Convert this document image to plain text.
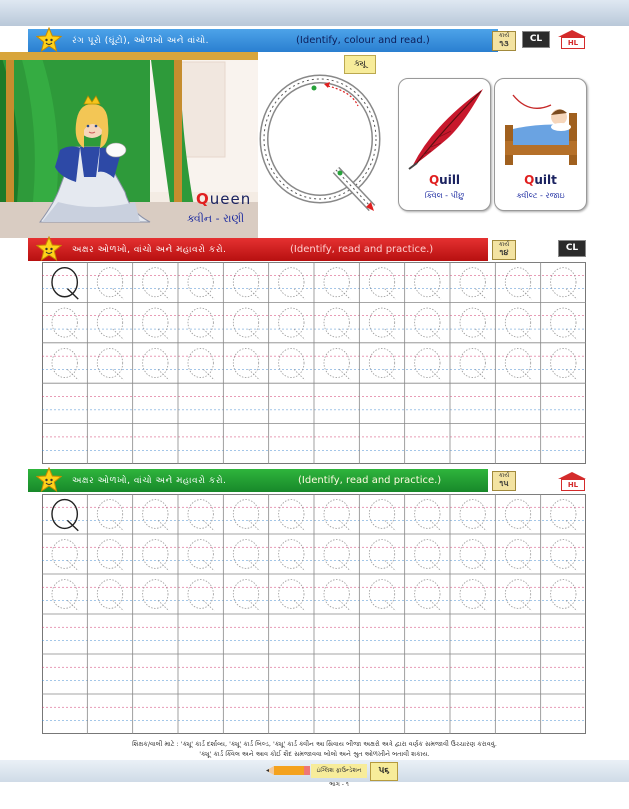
રંગ પૂરો (ઘૂંટો), ઓળખો અને વાંચો.	(Identify, colour and read.)	કાર્ય
૧૩	CL	HL
Queen
ક્વીન - રાણી
ક્યૂ
Quill
ક્વિલ - પીંછુ
Quilt
ક્વીલ્ટ - રજાઇ
અક્ષર ઓળખો, વાંચો અને મહાવરો કરો.	(Identify, read and practice.)	કાર્ય
૧૪	CL
અક્ષર ઓળખો, વાંચો અને મહાવરો કરો.	(Identify, read and practice.)	કાર્ય
૧૫	HL
શિક્ષક/વાલી માટે : 'ક્યૂ' કાર્ડ દર્શાવ્ય, 'ક્યૂ' કાર્ડ બિલ્ડ, 'ક્યૂ' કાર્ડ ક્વીન આ સિવાય બીજા અક્ષરો અત્રે દ્વારા વર્ણક સમજાવી ઉચ્ચારણ કરાવવું.
'ક્યૂ' કાર્ડ ક્વિલ અને આવ કોઈ શૈદ સમજાવવા બોલો અને શ્રુત ઓળખીને બતાવી શકાય.
ઇંગ્લિશ ફાઉન્ડેશન ભાગ - ૧
૫૬
